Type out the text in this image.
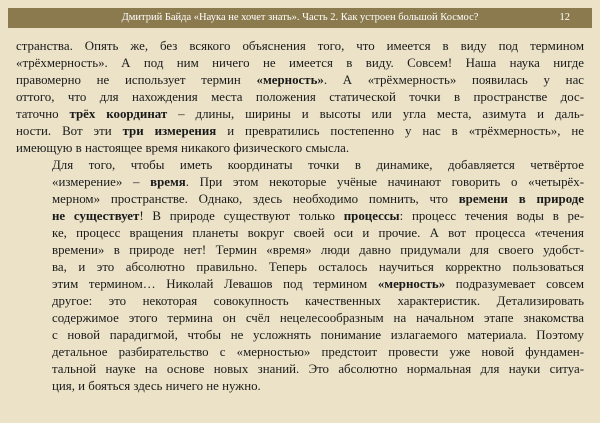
Дмитрий Байда «Наука не хочет знать». Часть 2. Как устроен большой Космос?	12

странства. Опять же, без всякого объяснения того, что имеется в виду под термином
«трёхмерность». А под ним ничего не имеется в виду. Совсем! Наша наука нигде
правомерно не использует термин «мерность». А «трёхмерность» появилась у нас
оттого, что для нахождения места положения статической точки в пространстве дос-
таточно трёх координат – длины, ширины и высоты или угла места, азимута и даль-
ности. Вот эти три измерения и превратились постепенно у нас в «трёхмерность», не
имеющую в настоящее время никакого физического смысла.

Для того, чтобы иметь координаты точки в динамике, добавляется четвёртое
«измерение» – время. При этом некоторые учёные начинают говорить о «четырёх-
мерном» пространстве. Однако, здесь необходимо помнить, что времени в природе
не существует! В природе существуют только процессы: процесс течения воды в ре-
ке, процесс вращения планеты вокруг своей оси и прочие. А вот процесса «течения
времени» в природе нет! Термин «время» люди давно придумали для своего удобст-
ва, и это абсолютно правильно. Теперь осталось научиться корректно пользоваться
этим термином… Николай Левашов под термином «мерность» подразумевает совсем
другое: это некоторая совокупность качественных характеристик. Детализировать
содержимое этого термина он счёл нецелесообразным на начальном этапе знакомства
с новой парадигмой, чтобы не усложнять понимание излагаемого материала. Поэтому
детальное разбирательство с «мерностью» предстоит провести уже новой фундамен-
тальной науке на основе новых знаний. Это абсолютно нормальная для науки ситуа-
ция, и бояться здесь ничего не нужно.
